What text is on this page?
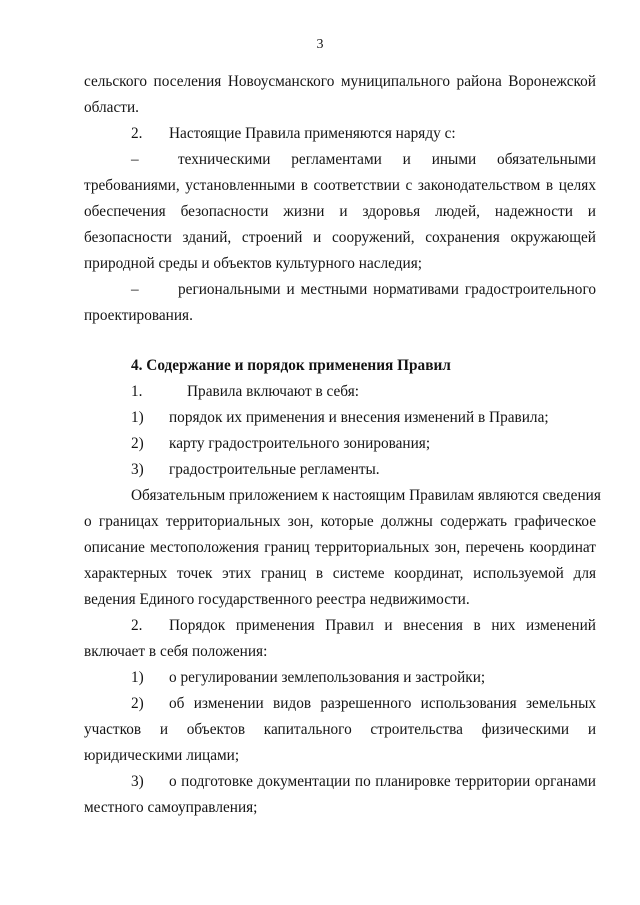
3
сельского поселения Новоусманского муниципального района Воронежской
области.
2. Настоящие Правила применяются наряду с:
–	техническими регламентами и иными обязательными
требованиями, установленными в соответствии с законодательством в целях
обеспечения безопасности жизни и здоровья людей, надежности и
безопасности зданий, строений и сооружений, сохранения окружающей
природной среды и объектов культурного наследия;
–	региональными и местными нормативами градостроительного
проектирования.
4. Содержание и порядок применения Правил
1.	Правила включают в себя:
1) порядок их применения и внесения изменений в Правила;
2) карту градостроительного зонирования;
3) градостроительные регламенты.
Обязательным приложением к настоящим Правилам являются сведения
о границах территориальных зон, которые должны содержать графическое
описание местоположения границ территориальных зон, перечень координат
характерных точек этих границ в системе координат, используемой для
ведения Единого государственного реестра недвижимости.
2. Порядок применения Правил и внесения в них изменений
включает в себя положения:
1) о регулировании землепользования и застройки;
2) об изменении видов разрешенного использования земельных
участков и объектов капитального строительства физическими и
юридическими лицами;
3) о подготовке документации по планировке территории органами
местного самоуправления;
